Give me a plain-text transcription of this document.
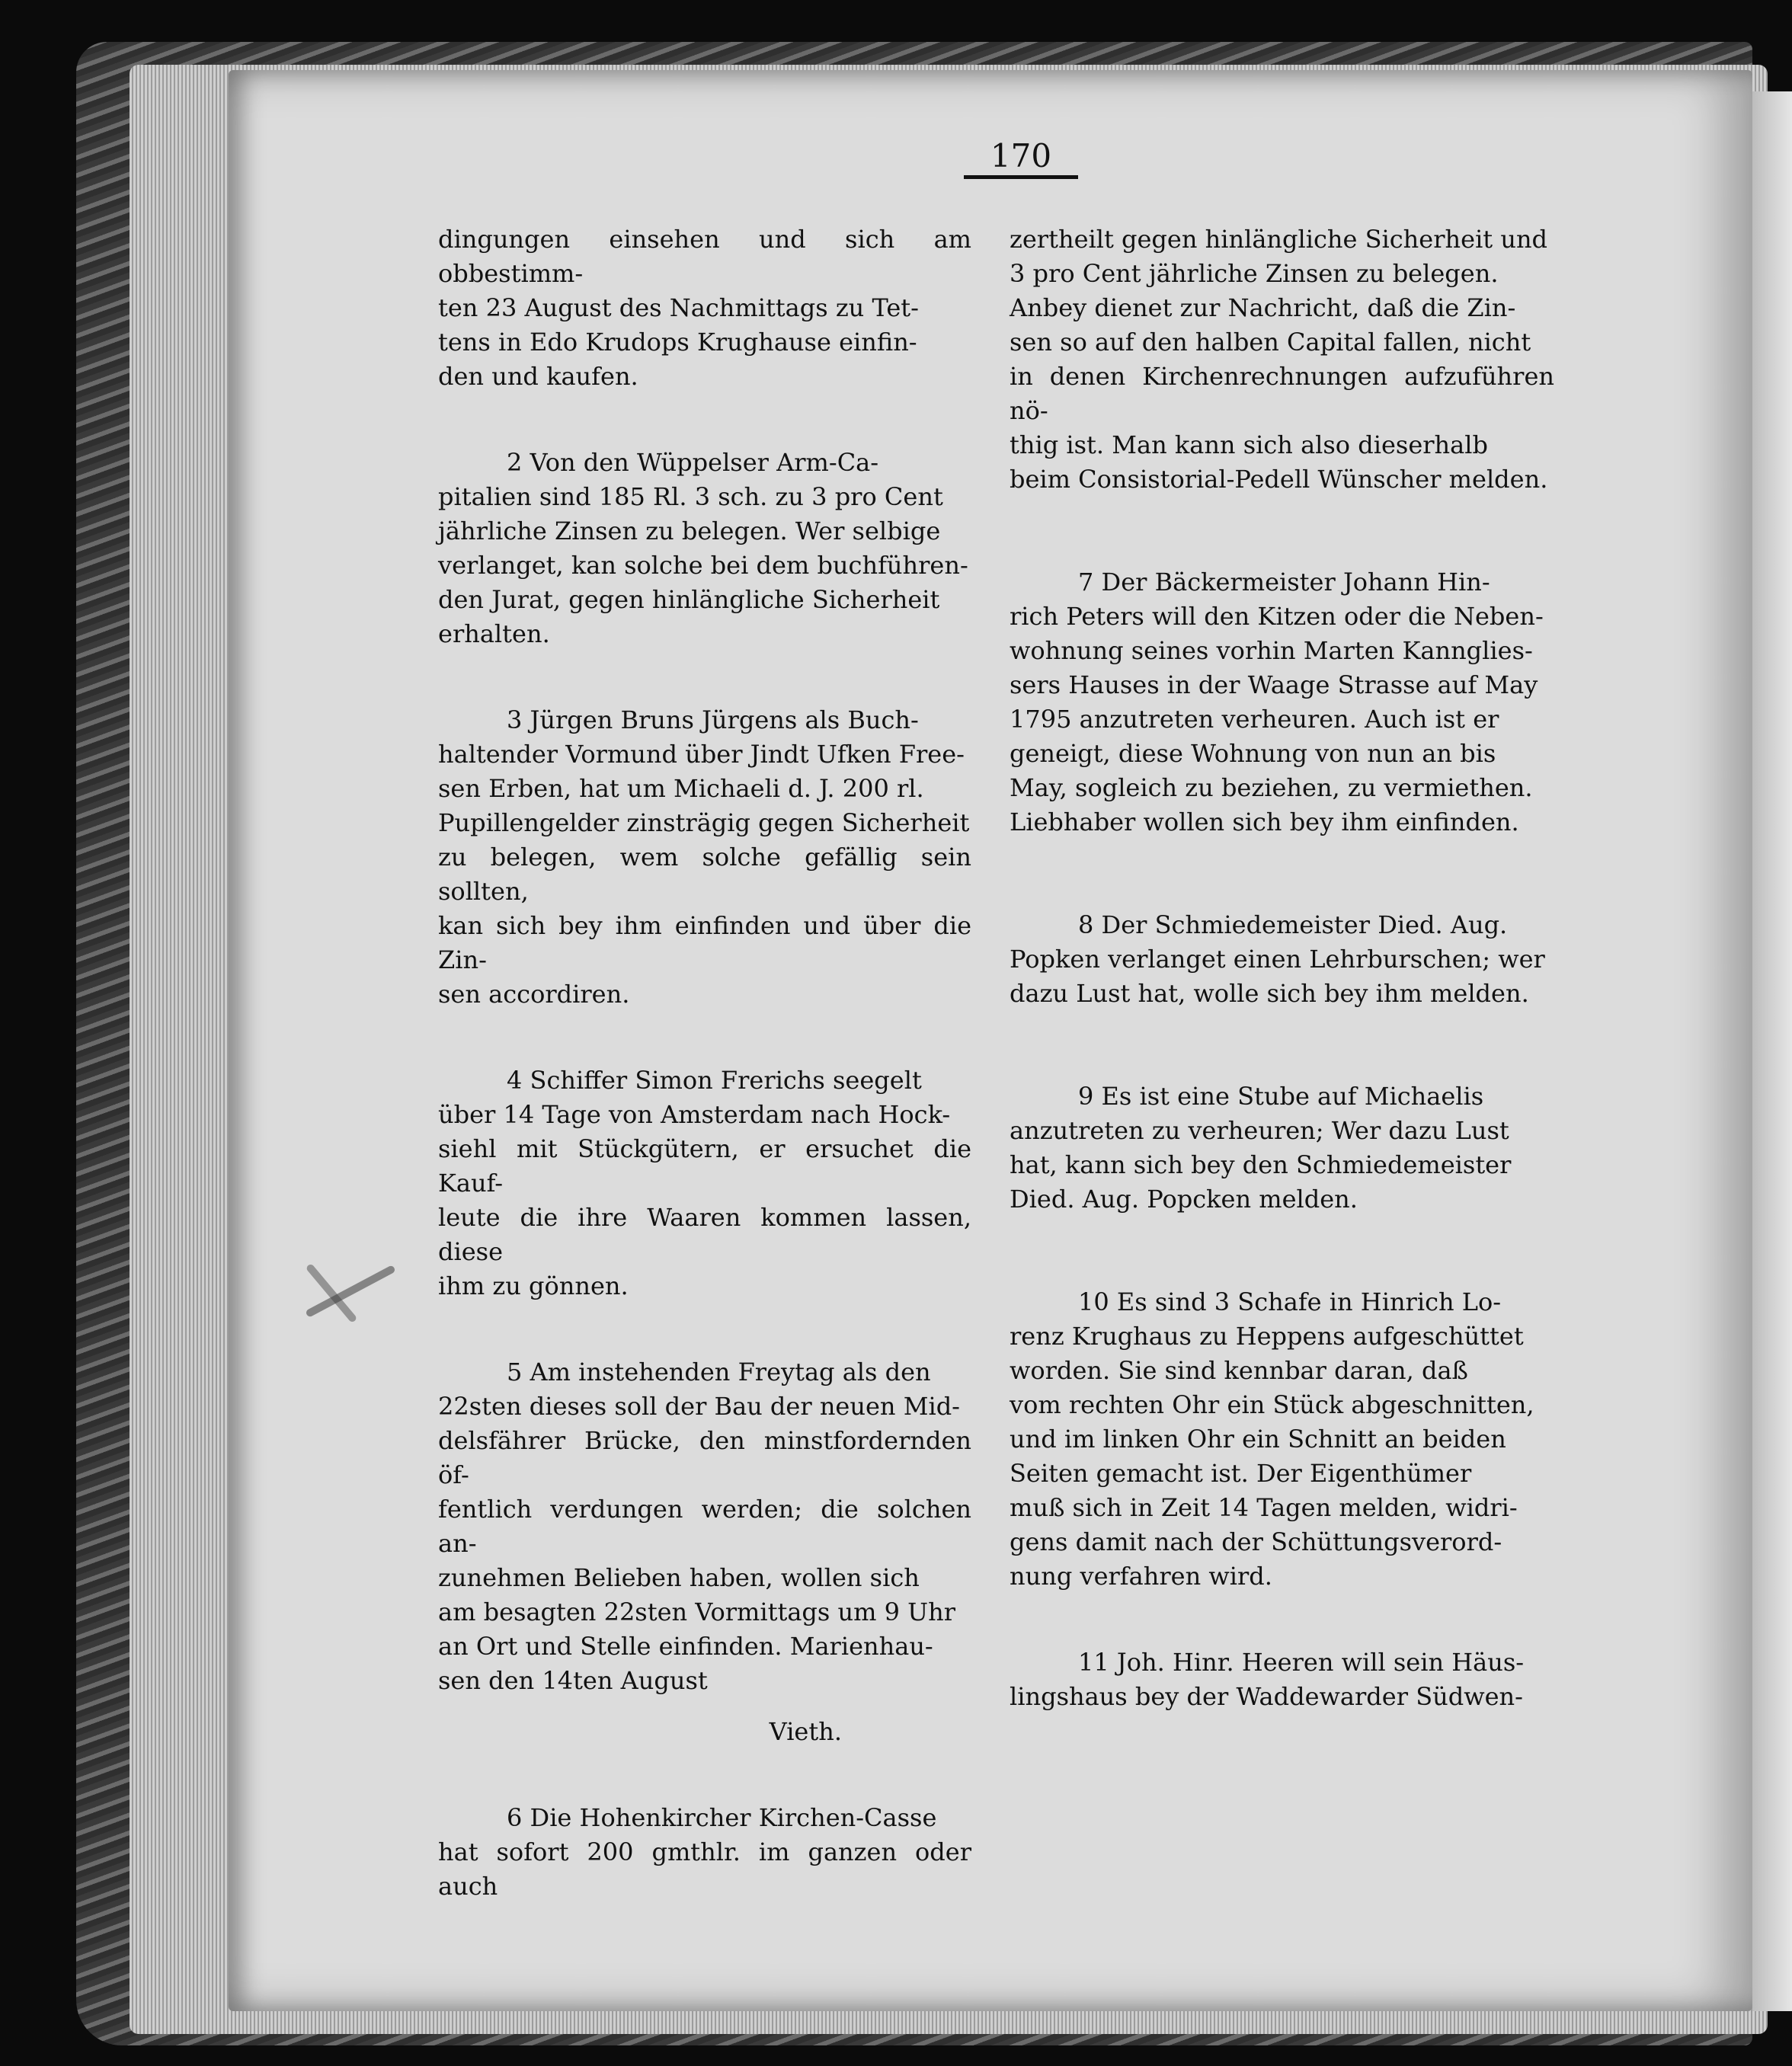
170

dingungen einsehen und sich am obbestimm-

ten 23 August des Nachmittags zu Tet-

tens in Edo Krudops Krughause einfin-

den und kaufen.

2 Von den Wüppelser Arm-Ca-

pitalien sind 185 Rl. 3 sch. zu 3 pro Cent

jährliche Zinsen zu belegen. Wer selbige

verlanget, kan solche bei dem buchführen-

den Jurat, gegen hinlängliche Sicherheit

erhalten.

3 Jürgen Bruns Jürgens als Buch-

haltender Vormund über Jindt Ufken Free-

sen Erben, hat um Michaeli d. J. 200 rl.

Pupillengelder zinsträgig gegen Sicherheit

zu belegen, wem solche gefällig sein sollten,

kan sich bey ihm einfinden und über die Zin-

sen accordiren.

4 Schiffer Simon Frerichs seegelt

über 14 Tage von Amsterdam nach Hock-

siehl mit Stückgütern, er ersuchet die Kauf-

leute die ihre Waaren kommen lassen, diese

ihm zu gönnen.

5 Am instehenden Freytag als den

22sten dieses soll der Bau der neuen Mid-

delsfährer Brücke, den minstfordernden öf-

fentlich verdungen werden; die solchen an-

zunehmen Belieben haben, wollen sich

am besagten 22sten Vormittags um 9 Uhr

an Ort und Stelle einfinden. Marienhau-

sen den 14ten August

Vieth.

6 Die Hohenkircher Kirchen-Casse

hat sofort 200 gmthlr. im ganzen oder auch

zertheilt gegen hinlängliche Sicherheit und

3 pro Cent jährliche Zinsen zu belegen.

Anbey dienet zur Nachricht, daß die Zin-

sen so auf den halben Capital fallen, nicht

in denen Kirchenrechnungen aufzuführen nö-

thig ist. Man kann sich also dieserhalb

beim Consistorial-Pedell Wünscher melden.

7 Der Bäckermeister Johann Hin-

rich Peters will den Kitzen oder die Neben-

wohnung seines vorhin Marten Kannglies-

sers Hauses in der Waage Strasse auf May

1795 anzutreten verheuren. Auch ist er

geneigt, diese Wohnung von nun an bis

May, sogleich zu beziehen, zu vermiethen.

Liebhaber wollen sich bey ihm einfinden.

8 Der Schmiedemeister Died. Aug.

Popken verlanget einen Lehrburschen; wer

dazu Lust hat, wolle sich bey ihm melden.

9 Es ist eine Stube auf Michaelis

anzutreten zu verheuren; Wer dazu Lust

hat, kann sich bey den Schmiedemeister

Died. Aug. Popcken melden.

10 Es sind 3 Schafe in Hinrich Lo-

renz Krughaus zu Heppens aufgeschüttet

worden. Sie sind kennbar daran, daß

vom rechten Ohr ein Stück abgeschnitten,

und im linken Ohr ein Schnitt an beiden

Seiten gemacht ist. Der Eigenthümer

muß sich in Zeit 14 Tagen melden, widri-

gens damit nach der Schüttungsverord-

nung verfahren wird.

11 Joh. Hinr. Heeren will sein Häus-

lingshaus bey der Waddewarder Südwen-
